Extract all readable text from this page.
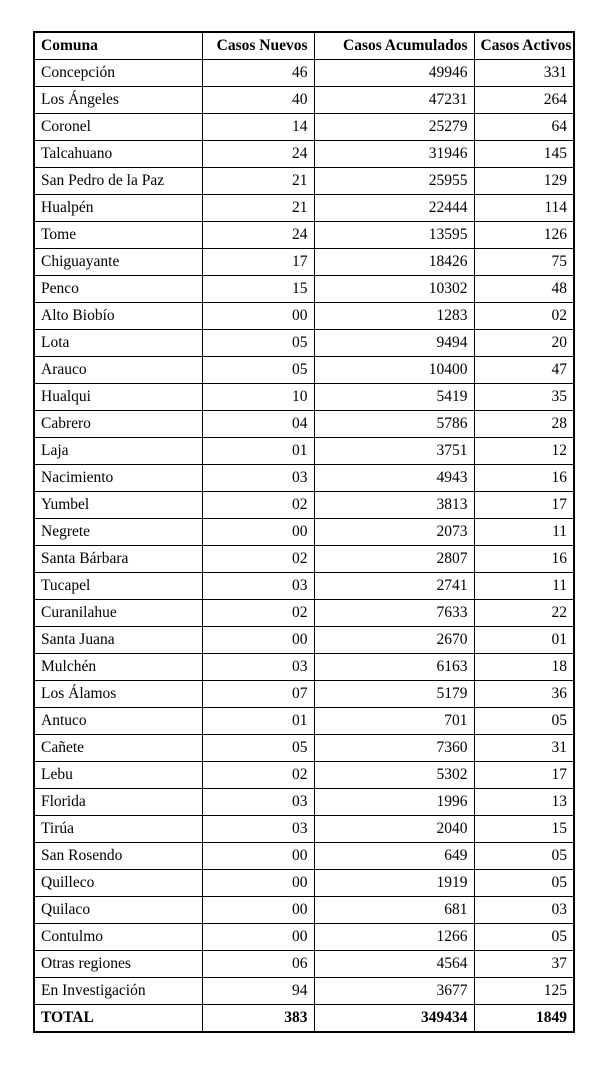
Comuna	Casos Nuevos	Casos Acumulados	Casos Activos
Concepción	46	49946	331
Los Ángeles	40	47231	264
Coronel	14	25279	64
Talcahuano	24	31946	145
San Pedro de la Paz	21	25955	129
Hualpén	21	22444	114
Tome	24	13595	126
Chiguayante	17	18426	75
Penco	15	10302	48
Alto Biobío	00	1283	02
Lota	05	9494	20
Arauco	05	10400	47
Hualqui	10	5419	35
Cabrero	04	5786	28
Laja	01	3751	12
Nacimiento	03	4943	16
Yumbel	02	3813	17
Negrete	00	2073	11
Santa Bárbara	02	2807	16
Tucapel	03	2741	11
Curanilahue	02	7633	22
Santa Juana	00	2670	01
Mulchén	03	6163	18
Los Álamos	07	5179	36
Antuco	01	701	05
Cañete	05	7360	31
Lebu	02	5302	17
Florida	03	1996	13
Tirúa	03	2040	15
San Rosendo	00	649	05
Quilleco	00	1919	05
Quilaco	00	681	03
Contulmo	00	1266	05
Otras regiones	06	4564	37
En Investigación	94	3677	125
TOTAL	383	349434	1849
